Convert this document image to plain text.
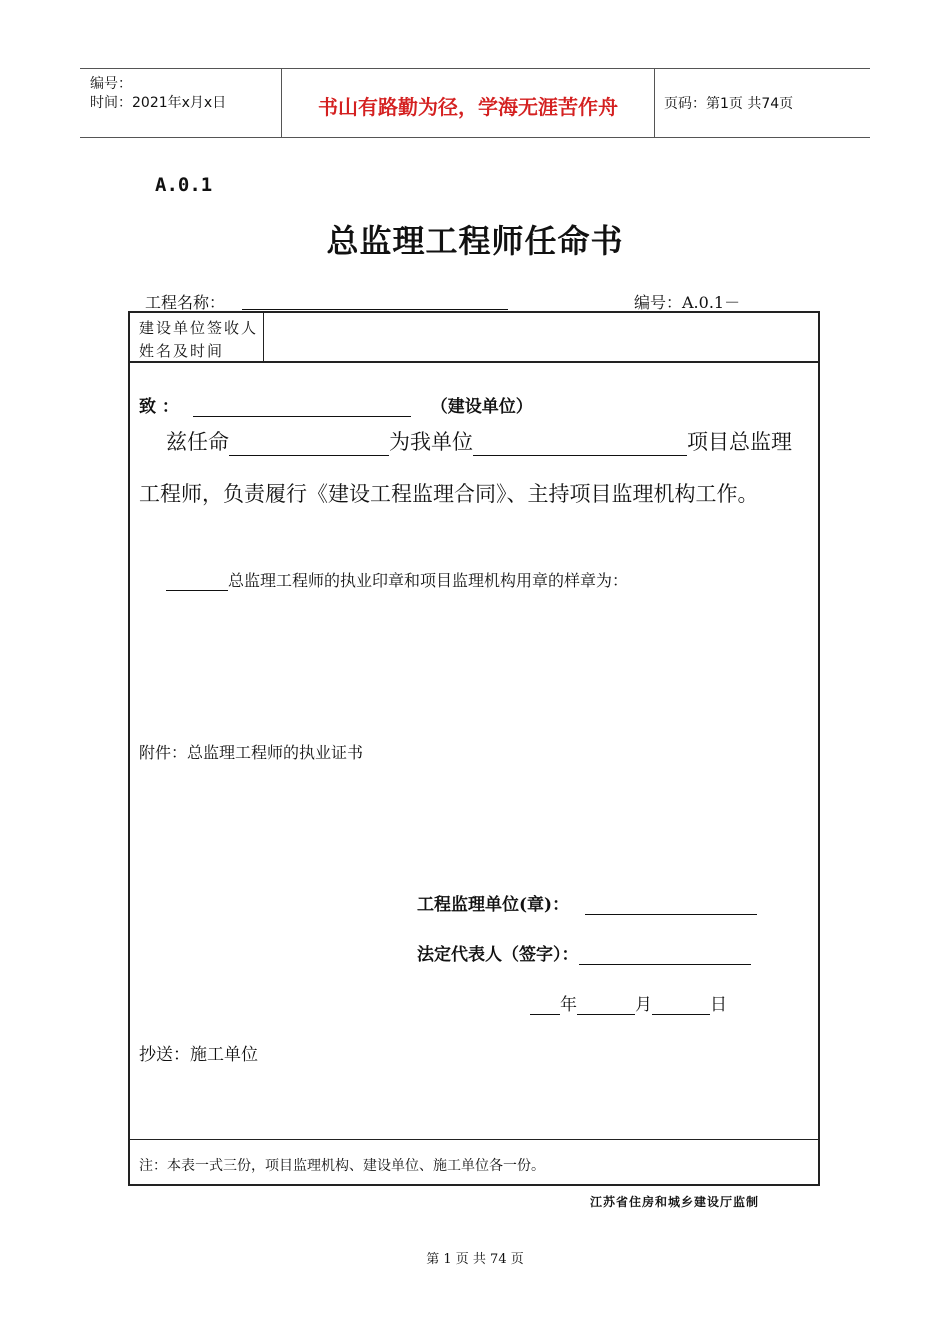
编号：
时间：2021年x月x日	书山有路勤为径，学海无涯苦作舟	页码：第1页 共74页
A.0.1
总监理工程师任命书
工程名称：	编号：A.0.1－
建设单位签收人姓名及时间
致 ：	（建设单位）
兹任命	为我单位	项目总监理
工程师，负责履行《建设工程监理合同》、主持项目监理机构工作。
总监理工程师的执业印章和项目监理机构用章的样章为：
附件：总监理工程师的执业证书
工程监理单位(章)：
法定代表人（签字）：
年	月	日
抄送：施工单位
注：本表一式三份，项目监理机构、建设单位、施工单位各一份。
江苏省住房和城乡建设厅监制
第 1 页 共 74 页
